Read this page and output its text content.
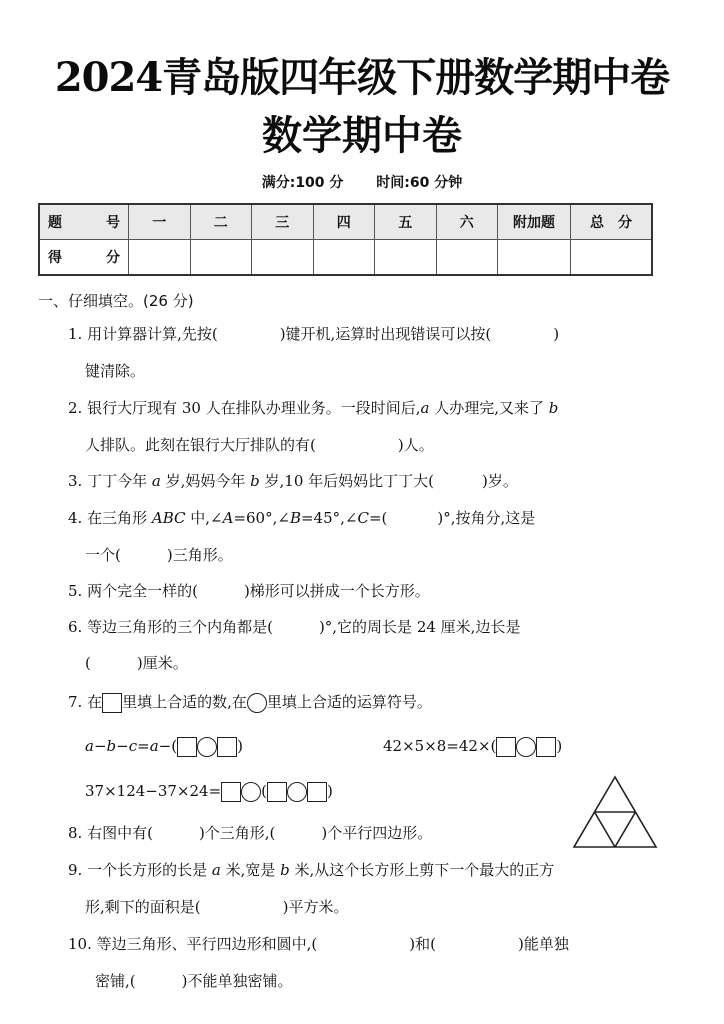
2024青岛版四年级下册数学期中卷
数学期中卷
满分:100 分 时间:60 分钟
题 号	一	二	三	四	五	六	附加题	总　分

得 分								

一、仔细填空。(26 分)
1. 用计算器计算,先按(	)键开机,运算时出现错误可以按(	)
键清除。
2. 银行大厅现有 30 人在排队办理业务。一段时间后,a 人办理完,又来了 b
人排队。此刻在银行大厅排队的有(	)人。
3. 丁丁今年 a 岁,妈妈今年 b 岁,10 年后妈妈比丁丁大(	)岁。
4. 在三角形 ABC 中,∠A=60°,∠B=45°,∠C=(	)°,按角分,这是
一个(	)三角形。
5. 两个完全一样的(	)梯形可以拼成一个长方形。
6. 等边三角形的三个内角都是(	)°,它的周长是 24 厘米,边长是
(	)厘米。
7. 在 里填上合适的数,在 里填上合适的运算符号。
a−b−c=a−(	)	42×5×8=42×(	)
37×124−37×24=	(	)
8. 右图中有(	)个三角形,(	)个平行四边形。
9. 一个长方形的长是 a 米,宽是 b 米,从这个长方形上剪下一个最大的正方
形,剩下的面积是(	)平方米。
10. 等边三角形、平行四边形和圆中,(	)和(	)能单独
密铺,(	)不能单独密铺。
